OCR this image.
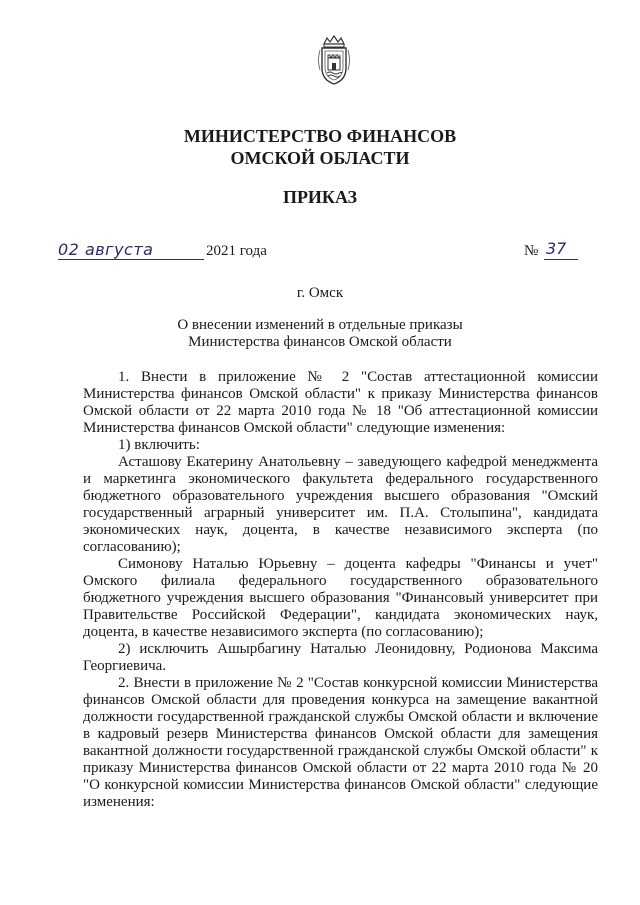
МИНИСТЕРСТВО ФИНАНСОВ
ОМСКОЙ ОБЛАСТИ
ПРИКАЗ
02 августа	2021 года	№ 37
г. Омск
О внесении изменений в отдельные приказы
Министерства финансов Омской области

1. Внести в приложение № 2 "Состав аттестационной комиссии Министерства финансов Омской области" к приказу Министерства финансов Омской области от 22 марта 2010 года № 18 "Об аттестационной комиссии Министерства финансов Омской области" следующие изменения:

1) включить:

Асташову Екатерину Анатольевну – заведующего кафедрой менеджмента и маркетинга экономического факультета федерального государственного бюджетного образовательного учреждения высшего образования "Омский государственный аграрный университет им. П.А. Столыпина", кандидата экономических наук, доцента, в качестве независимого эксперта (по согласованию);

Симонову Наталью Юрьевну – доцента кафедры "Финансы и учет" Омского филиала федерального государственного образовательного бюджетного учреждения высшего образования "Финансовый университет при Правительстве Российской Федерации", кандидата экономических наук, доцента, в качестве независимого эксперта (по согласованию);

2) исключить Ашырбагину Наталью Леонидовну, Родионова Максима Георгиевича.

2. Внести в приложение № 2 "Состав конкурсной комиссии Министерства финансов Омской области для проведения конкурса на замещение вакантной должности государственной гражданской службы Омской области и включение в кадровый резерв Министерства финансов Омской области для замещения вакантной должности государственной гражданской службы Омской области" к приказу Министерства финансов Омской области от 22 марта 2010 года № 20 "О конкурсной комиссии Министерства финансов Омской области" следующие изменения:
